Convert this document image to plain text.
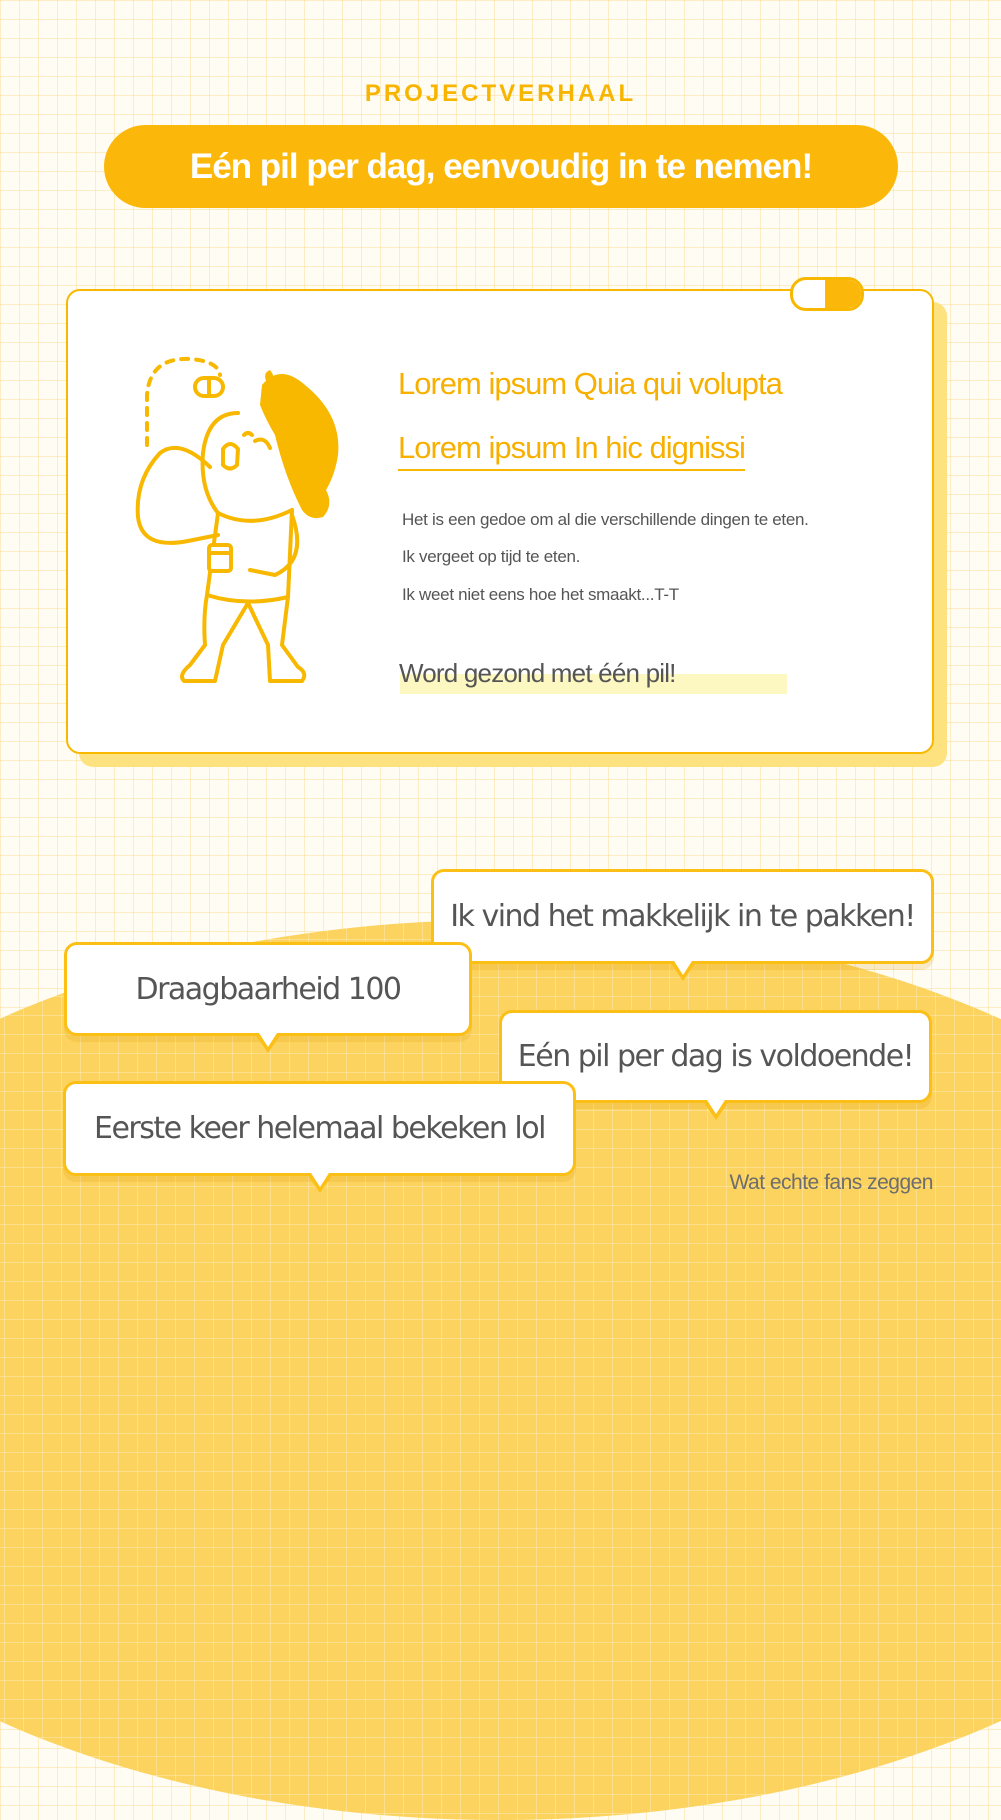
PROJECTVERHAAL
Eén pil per dag, eenvoudig in te nemen!
Lorem ipsum Quia qui volupta
Lorem ipsum In hic dignissi
Het is een gedoe om al die verschillende dingen te eten.
Ik vergeet op tijd te eten.
Ik weet niet eens hoe het smaakt...T-T
Word gezond met één pil!
Ik vind het makkelijk in te pakken!
Draagbaarheid 100
Eén pil per dag is voldoende!
Eerste keer helemaal bekeken lol
Wat echte fans zeggen
